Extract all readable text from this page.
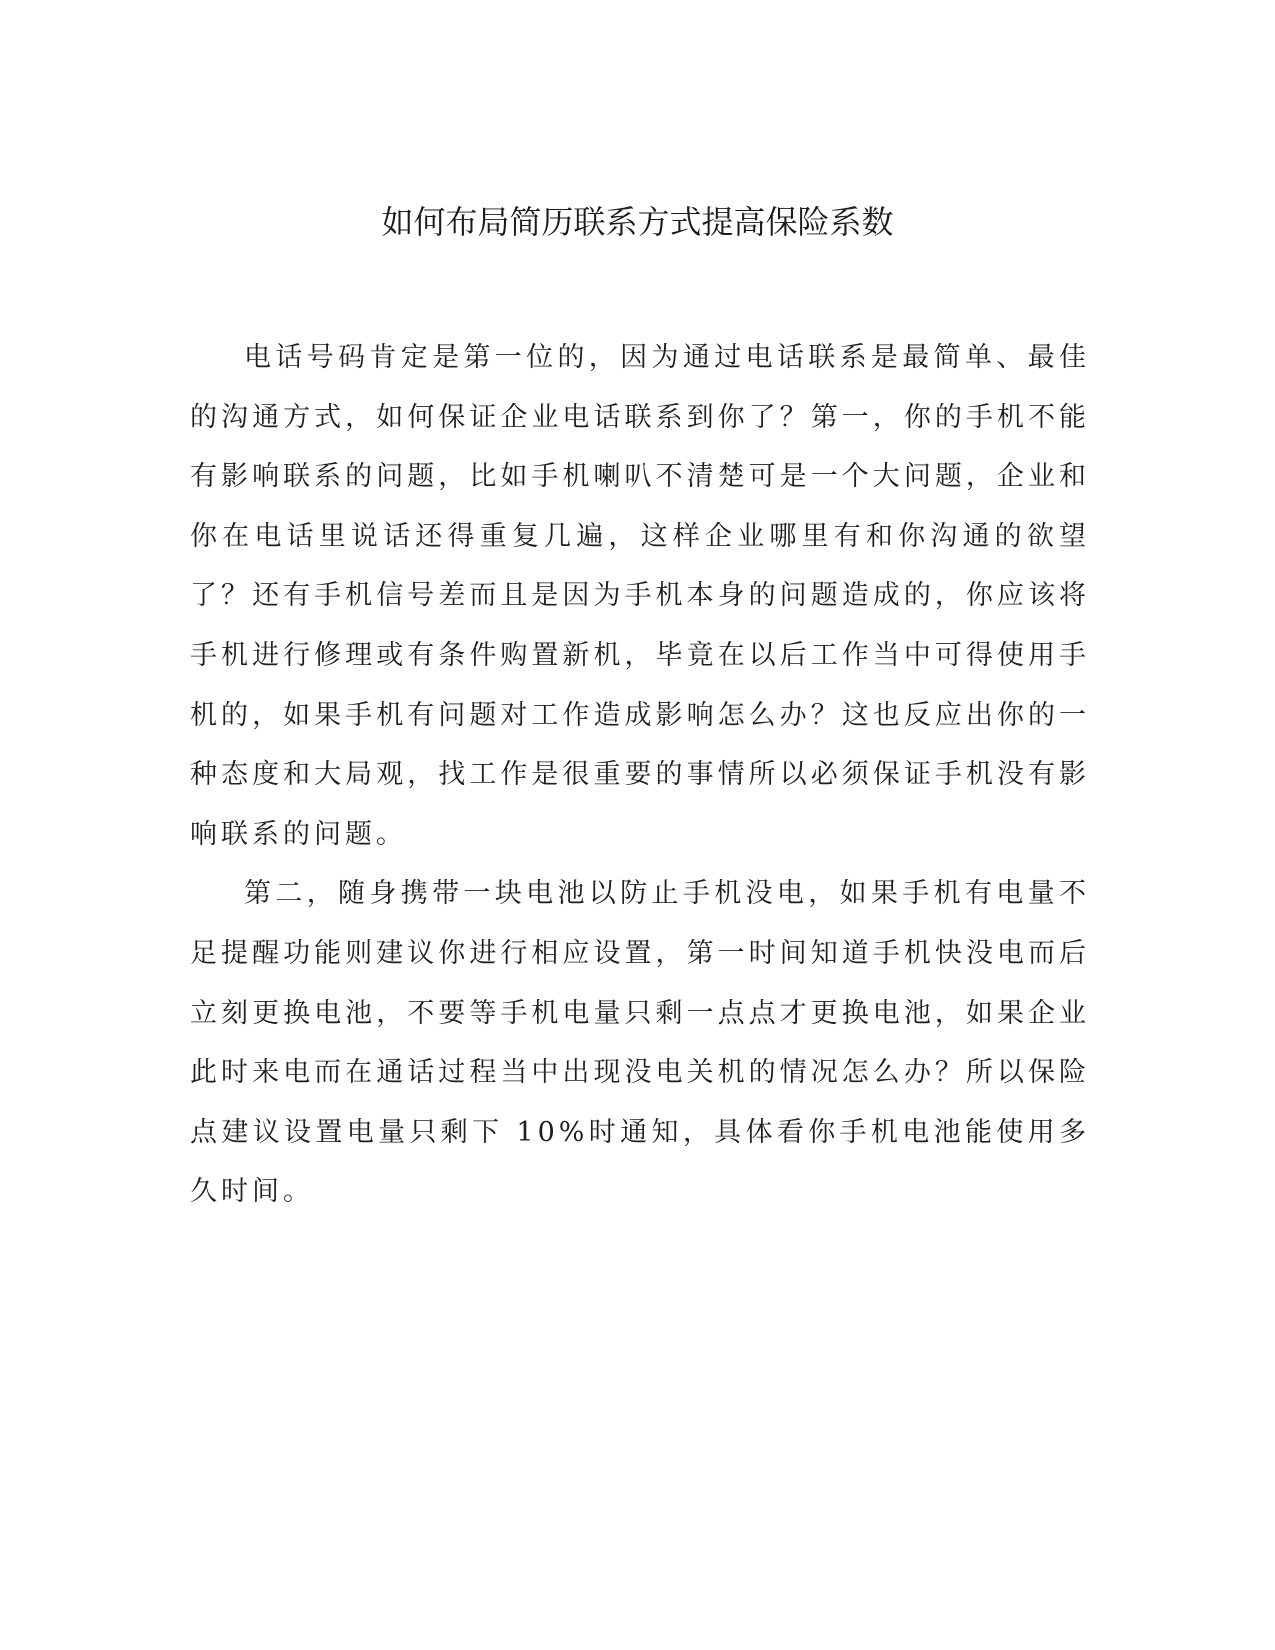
如何布局简历联系方式提高保险系数

电话号码肯定是第一位的，因为通过电话联系是最简单、最佳的沟通方式，如何保证企业电话联系到你了？第一，你的手机不能有影响联系的问题，比如手机喇叭不清楚可是一个大问题，企业和你在电话里说话还得重复几遍，这样企业哪里有和你沟通的欲望了？还有手机信号差而且是因为手机本身的问题造成的，你应该将手机进行修理或有条件购置新机，毕竟在以后工作当中可得使用手机的，如果手机有问题对工作造成影响怎么办？这也反应出你的一种态度和大局观，找工作是很重要的事情所以必须保证手机没有影响联系的问题。

第二，随身携带一块电池以防止手机没电，如果手机有电量不足提醒功能则建议你进行相应设置，第一时间知道手机快没电而后立刻更换电池，不要等手机电量只剩一点点才更换电池，如果企业此时来电而在通话过程当中出现没电关机的情况怎么办？所以保险点建议设置电量只剩下 10%时通知，具体看你手机电池能使用多久时间。
